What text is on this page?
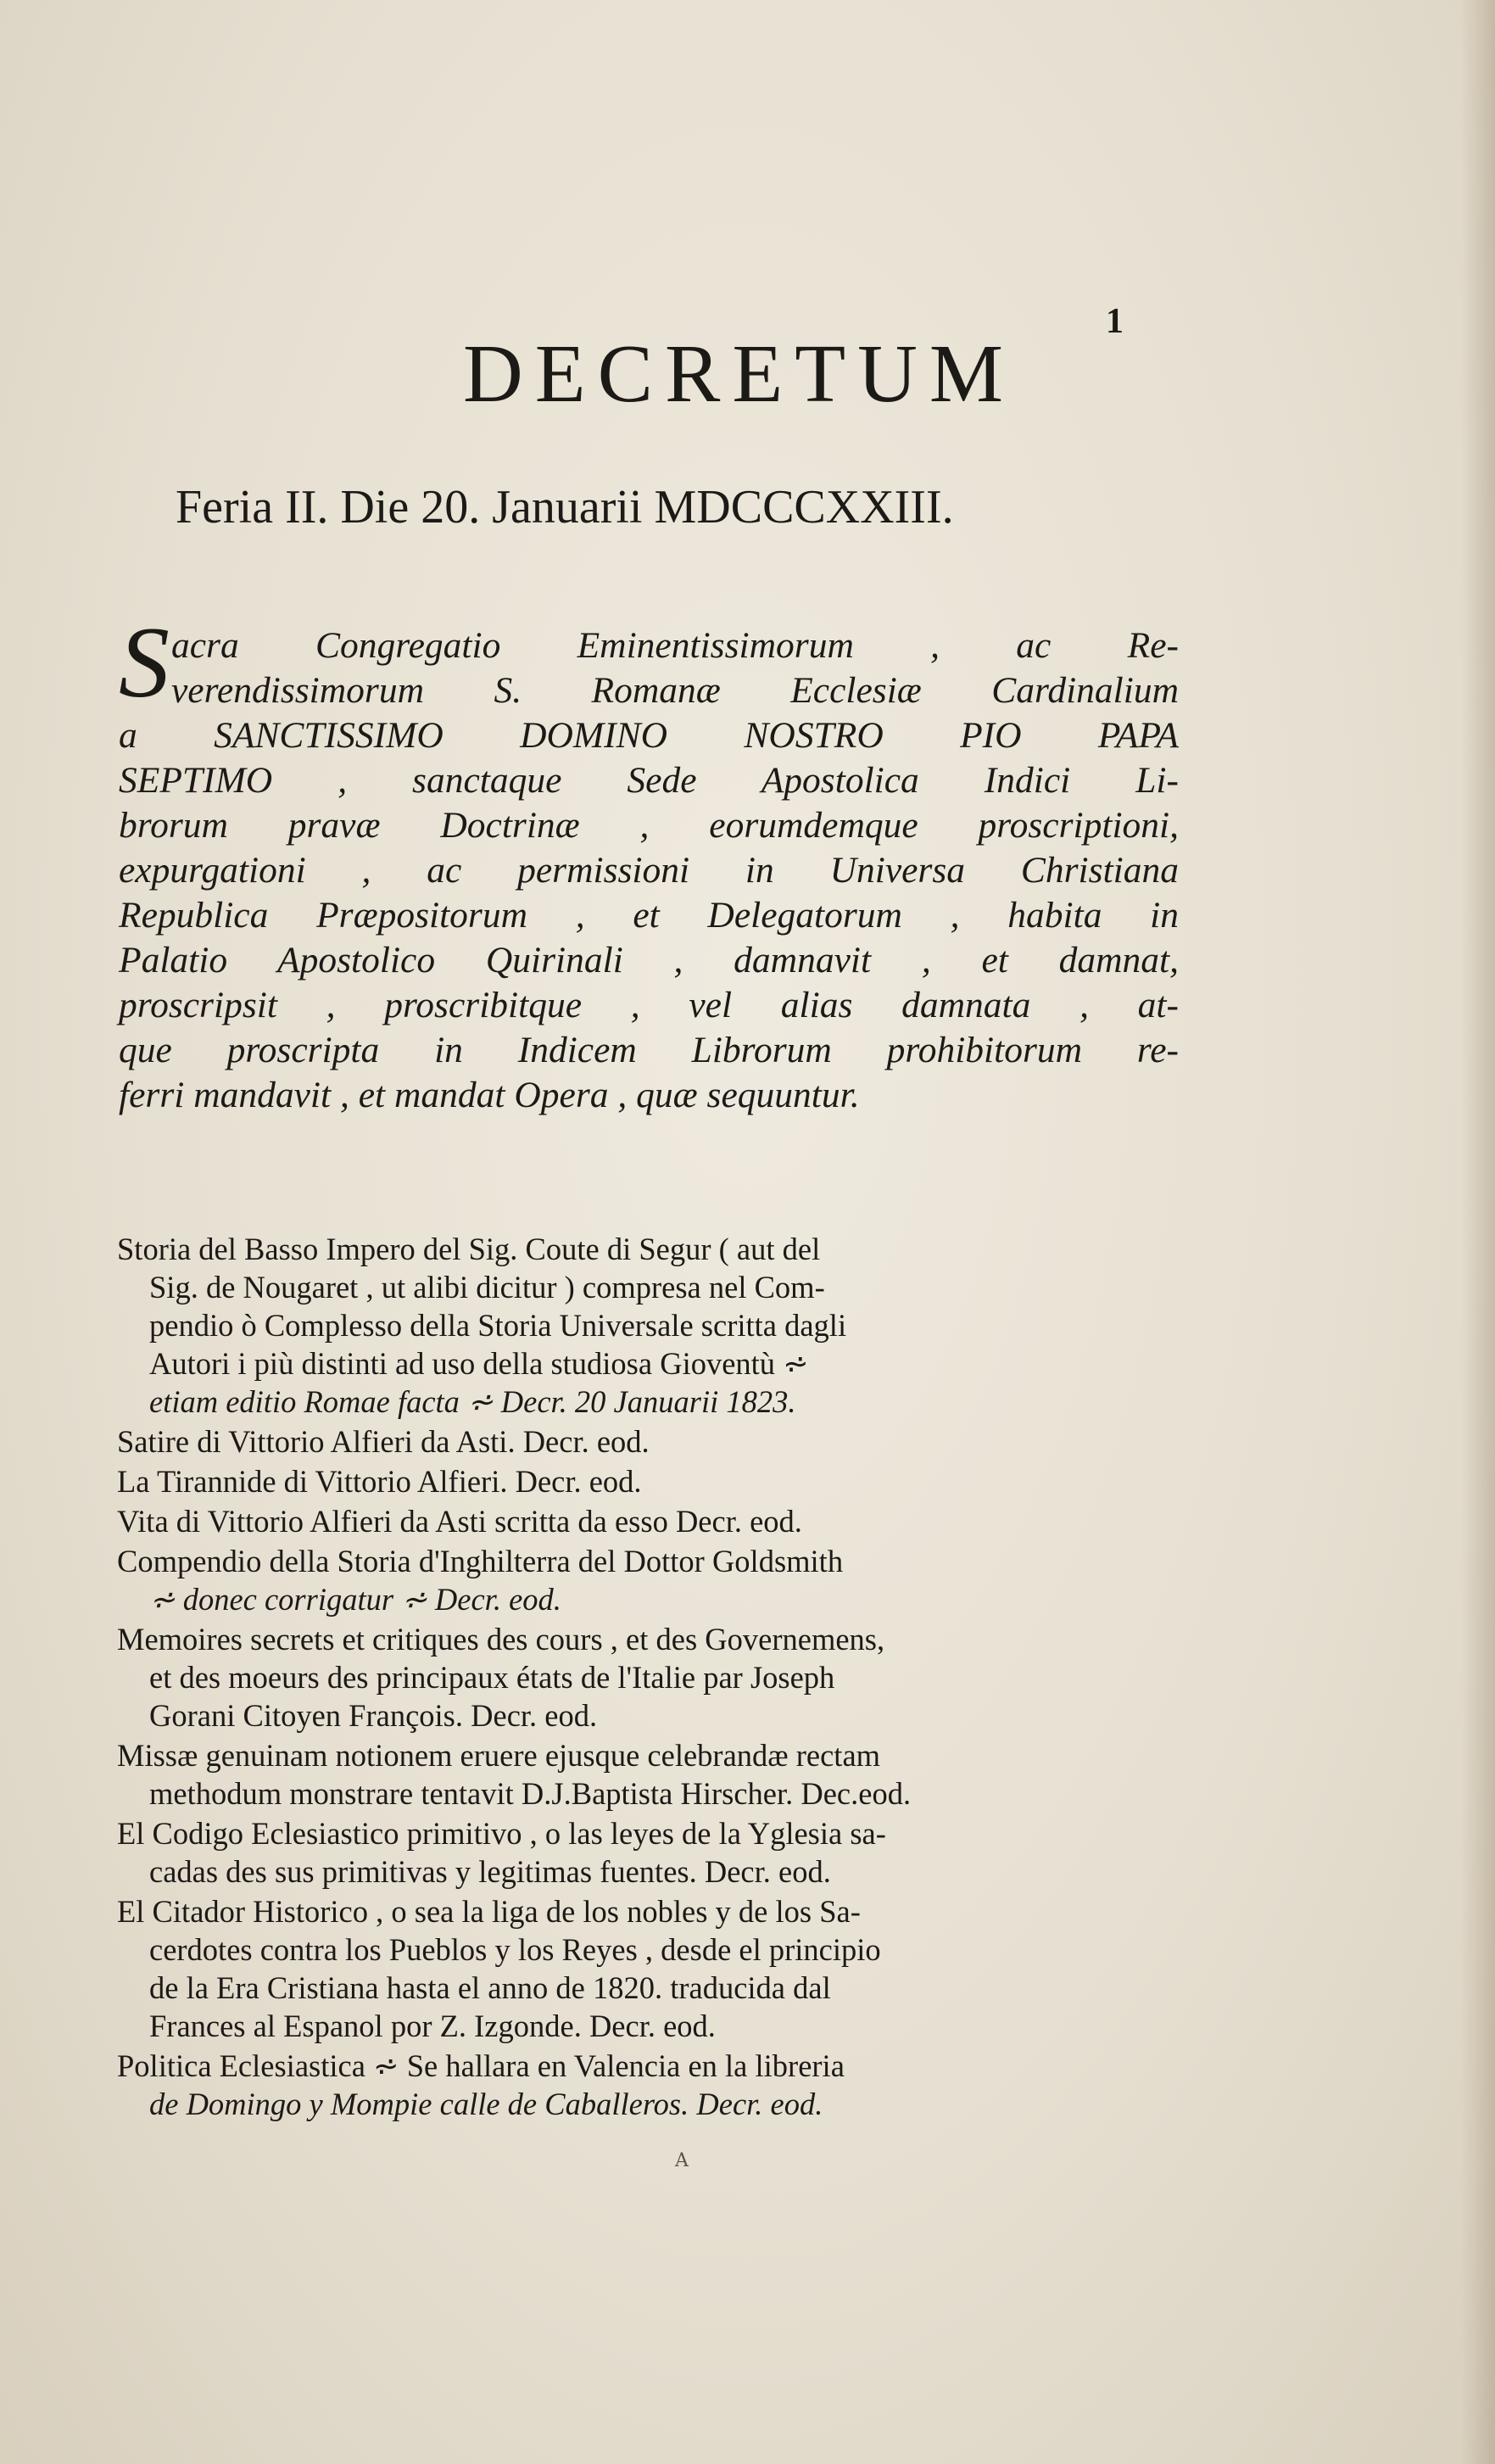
1
DECRETUM
Feria II. Die 20. Januarii MDCCCXXIII.
S acra Congregatio Eminentissimorum , ac Re-
verendissimorum S. Romanæ Ecclesiæ Cardinalium
a SANCTISSIMO DOMINO NOSTRO PIO PAPA
SEPTIMO , sanctaque Sede Apostolica Indici Li-
brorum pravæ Doctrinæ , eorumdemque proscriptioni,
expurgationi , ac permissioni in Universa Christiana
Republica Præpositorum , et Delegatorum , habita in
Palatio Apostolico Quirinali , damnavit , et damnat,
proscripsit , proscribitque , vel alias damnata , at-
que proscripta in Indicem Librorum prohibitorum re-
ferri mandavit , et mandat Opera , quæ sequuntur.
Storia del Basso Impero del Sig. Coute di Segur ( aut del
Sig. de Nougaret , ut alibi dicitur ) compresa nel Com-
pendio ò Complesso della Storia Universale scritta dagli
Autori i più distinti ad uso della studiosa Gioventù ⩫
etiam editio Romae facta ⩫ Decr. 20 Januarii 1823.
Satire di Vittorio Alfieri da Asti. Decr. eod.
La Tirannide di Vittorio Alfieri. Decr. eod.
Vita di Vittorio Alfieri da Asti scritta da esso Decr. eod.
Compendio della Storia d'Inghilterra del Dottor Goldsmith
⩫ donec corrigatur ⩫ Decr. eod.
Memoires secrets et critiques des cours , et des Governemens,
et des moeurs des principaux états de l'Italie par Joseph
Gorani Citoyen François. Decr. eod.
Missæ genuinam notionem eruere ejusque celebrandæ rectam
methodum monstrare tentavit D.J.Baptista Hirscher. Dec.eod.
El Codigo Eclesiastico primitivo , o las leyes de la Yglesia sa-
cadas des sus primitivas y legitimas fuentes. Decr. eod.
El Citador Historico , o sea la liga de los nobles y de los Sa-
cerdotes contra los Pueblos y los Reyes , desde el principio
de la Era Cristiana hasta el anno de 1820. traducida dal
Frances al Espanol por Z. Izgonde. Decr. eod.
Politica Eclesiastica ⩫ Se hallara en Valencia en la libreria
de Domingo y Mompie calle de Caballeros. Decr. eod.
A
